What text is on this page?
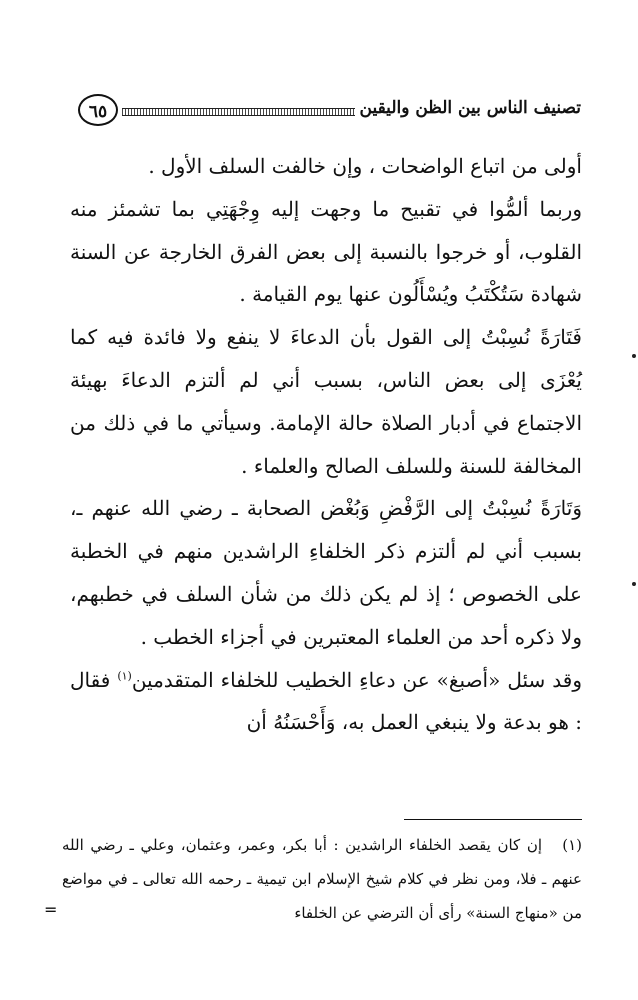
تصنيف الناس بين الظن واليقين
٦٥

أولى من اتباع الواضحات ، وإن خالفت السلف الأول .

وربما ألمُّوا في تقبيح ما وجهت إليه وِجْهَتِي بما تشمئز منه القلوب، أو خرجوا بالنسبة إلى بعض الفرق الخارجة عن السنة شهادة سَتُكْتَبُ ويُسْأَلُون عنها يوم القيامة .

فَتَارَةً نُسِبْتُ إلى القول بأن الدعاءَ لا ينفع ولا فائدة فيه كما يُعْزَى إلى بعض الناس، بسبب أني لم ألتزم الدعاءَ بهيئة الاجتماع في أدبار الصلاة حالة الإمامة. وسيأتي ما في ذلك من المخالفة للسنة وللسلف الصالح والعلماء .

وَتَارَةً نُسِبْتُ إلى الرَّفْضِ وَبُغْض الصحابة ـ رضي الله عنهم ـ، بسبب أني لم ألتزم ذكر الخلفاءِ الراشدين منهم في الخطبة على الخصوص ؛ إذ لم يكن ذلك من شأن السلف في خطبهم، ولا ذكره أحد من العلماء المعتبرين في أجزاء الخطب .

وقد سئل «أصبغ» عن دعاءِ الخطيب للخلفاء المتقدمين$^{(١)}$ فقال : هو بدعة ولا ينبغي العمل به، وَأَحْسَنُهُ أن

(١)إن كان يقصد الخلفاء الراشدين : أبا بكر، وعمر، وعثمان، وعلي ـ رضي الله عنهم ـ فلا، ومن نظر في كلام شيخ الإسلام ابن تيمية ـ رحمه الله تعالى ـ في مواضع من «منهاج السنة» رأى أن الترضي عن الخلفاء

=
